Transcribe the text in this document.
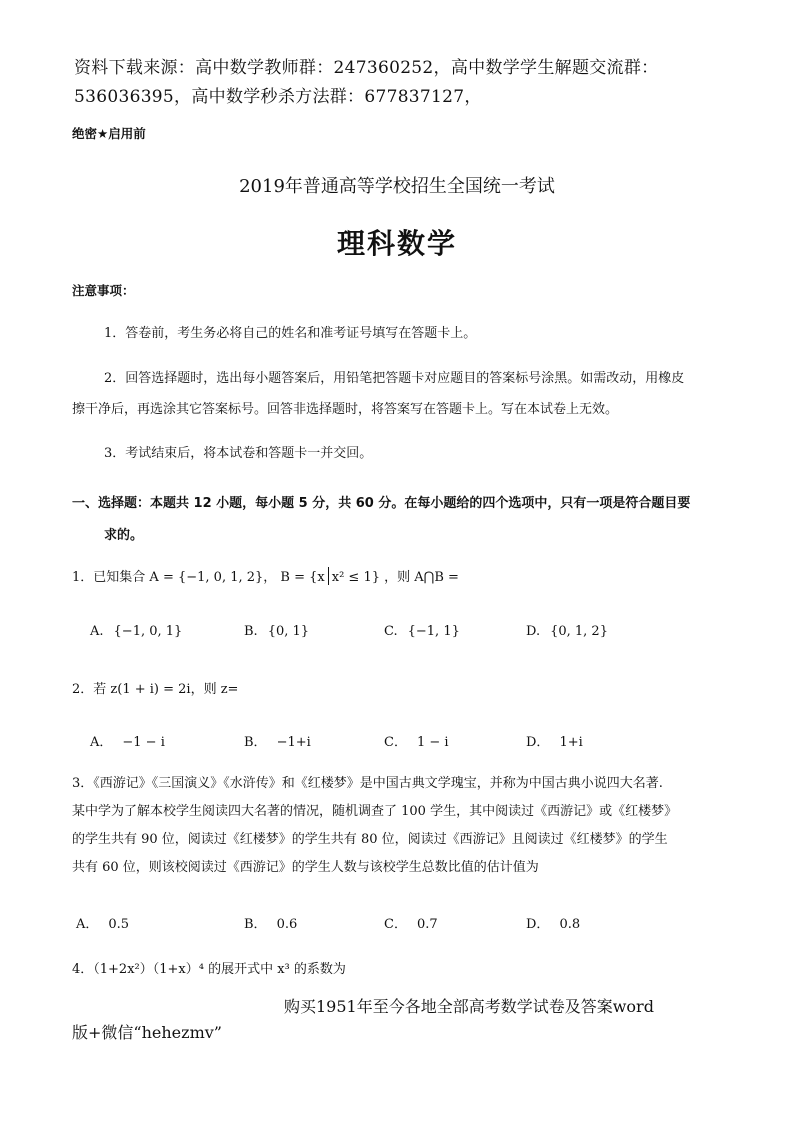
资料下载来源：高中数学教师群：247360252，高中数学学生解题交流群：
536036395，高中数学秒杀方法群：677837127，
绝密★启用前
2019年普通高等学校招生全国统一考试
理科数学
注意事项：
1．答卷前，考生务必将自己的姓名和准考证号填写在答题卡上。
2．回答选择题时，选出每小题答案后，用铅笔把答题卡对应题目的答案标号涂黑。如需改动，用橡皮
擦干净后，再选涂其它答案标号。回答非选择题时，将答案写在答题卡上。写在本试卷上无效。
3．考试结束后，将本试卷和答题卡一并交回。
一、选择题：本题共 12 小题，每小题 5 分，共 60 分。在每小题给的四个选项中，只有一项是符合题目要
求的。
1．已知集合 A = {−1, 0, 1, 2}， B = {x x² ≤ 1} ，则 A⋂B =
A. {−1, 0, 1}	B. {0, 1}	C. {−1, 1}	D. {0, 1, 2}
2．若 z(1 + i) = 2i，则 z=
A． −1 − i	B． −1+i	C． 1 − i	D． 1+i
3．《西游记》《三国演义》《水浒传》和《红楼梦》是中国古典文学瑰宝，并称为中国古典小说四大名著.
某中学为了解本校学生阅读四大名著的情况，随机调查了 100 学生，其中阅读过《西游记》或《红楼梦》
的学生共有 90 位，阅读过《红楼梦》的学生共有 80 位，阅读过《西游记》且阅读过《红楼梦》的学生
共有 60 位，则该校阅读过《西游记》的学生人数与该校学生总数比值的估计值为
A． 0.5	B． 0.6	C． 0.7	D． 0.8
4．（1+2x²）（1+x）⁴ 的展开式中 x³ 的系数为
购买1951年至今各地全部高考数学试卷及答案word
版+微信“hehezmv”
